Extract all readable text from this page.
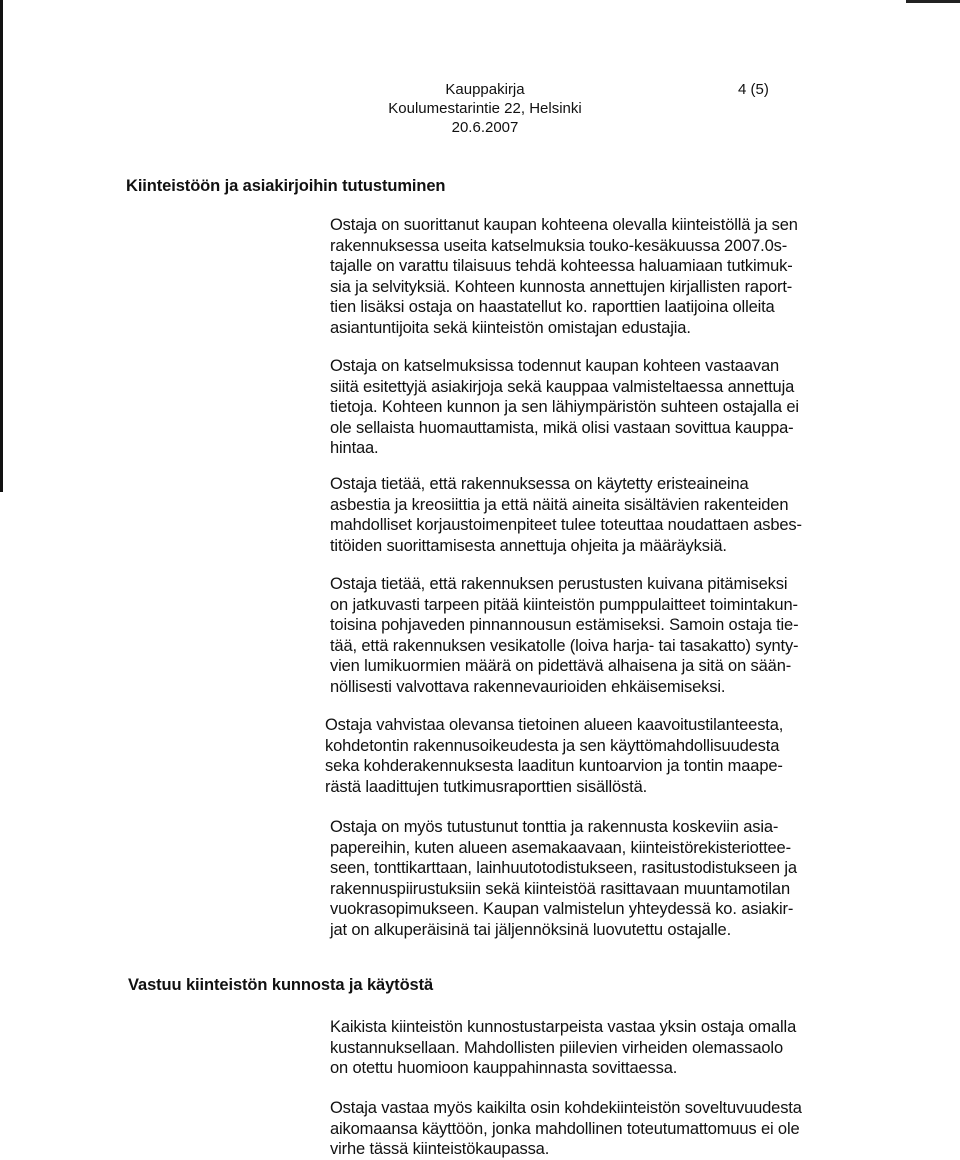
Kauppakirja
Koulumestarintie 22, Helsinki
20.6.2007
4 (5)
Kiinteistöön ja asiakirjoihin tutustuminen
Ostaja on suorittanut kaupan kohteena olevalla kiinteistöllä ja sen
rakennuksessa useita katselmuksia touko-kesäkuussa 2007.0s-
tajalle on varattu tilaisuus tehdä kohteessa haluamiaan tutkimuk-
sia ja selvityksiä. Kohteen kunnosta annettujen kirjallisten raport-
tien lisäksi ostaja on haastatellut ko. raporttien laatijoina olleita
asiantuntijoita sekä kiinteistön omistajan edustajia.
Ostaja on katselmuksissa todennut kaupan kohteen vastaavan
siitä esitettyjä asiakirjoja sekä kauppaa valmisteltaessa annettuja
tietoja. Kohteen kunnon ja sen lähiympäristön suhteen ostajalla ei
ole sellaista huomauttamista, mikä olisi vastaan sovittua kauppa-
hintaa.
Ostaja tietää, että rakennuksessa on käytetty eristeaineina
asbestia ja kreosiittia ja että näitä aineita sisältävien rakenteiden
mahdolliset korjaustoimenpiteet tulee toteuttaa noudattaen asbes-
titöiden suorittamisesta annettuja ohjeita ja määräyksiä.
Ostaja tietää, että rakennuksen perustusten kuivana pitämiseksi
on jatkuvasti tarpeen pitää kiinteistön pumppulaitteet toimintakun-
toisina pohjaveden pinnannousun estämiseksi. Samoin ostaja tie-
tää, että rakennuksen vesikatolle (loiva harja- tai tasakatto) synty-
vien lumikuormien määrä on pidettävä alhaisena ja sitä on sään-
nöllisesti valvottava rakennevaurioiden ehkäisemiseksi.
Ostaja vahvistaa olevansa tietoinen alueen kaavoitustilanteesta,
kohdetontin rakennusoikeudesta ja sen käyttömahdollisuudesta
seka kohderakennuksesta laaditun kuntoarvion ja tontin maape-
rästä laadittujen tutkimusraporttien sisällöstä.
Ostaja on myös tutustunut tonttia ja rakennusta koskeviin asia-
papereihin, kuten alueen asemakaavaan, kiinteistörekisteriottee-
seen, tonttikarttaan, lainhuutotodistukseen, rasitustodistukseen ja
rakennuspiirustuksiin sekä kiinteistöä rasittavaan muuntamotilan
vuokrasopimukseen. Kaupan valmistelun yhteydessä ko. asiakir-
jat on alkuperäisinä tai jäljennöksinä luovutettu ostajalle.
Vastuu kiinteistön kunnosta ja käytöstä
Kaikista kiinteistön kunnostustarpeista vastaa yksin ostaja omalla
kustannuksellaan. Mahdollisten piilevien virheiden olemassaolo
on otettu huomioon kauppahinnasta sovittaessa.
Ostaja vastaa myös kaikilta osin kohdekiinteistön soveltuvuudesta
aikomaansa käyttöön, jonka mahdollinen toteutumattomuus ei ole
virhe tässä kiinteistökaupassa.
